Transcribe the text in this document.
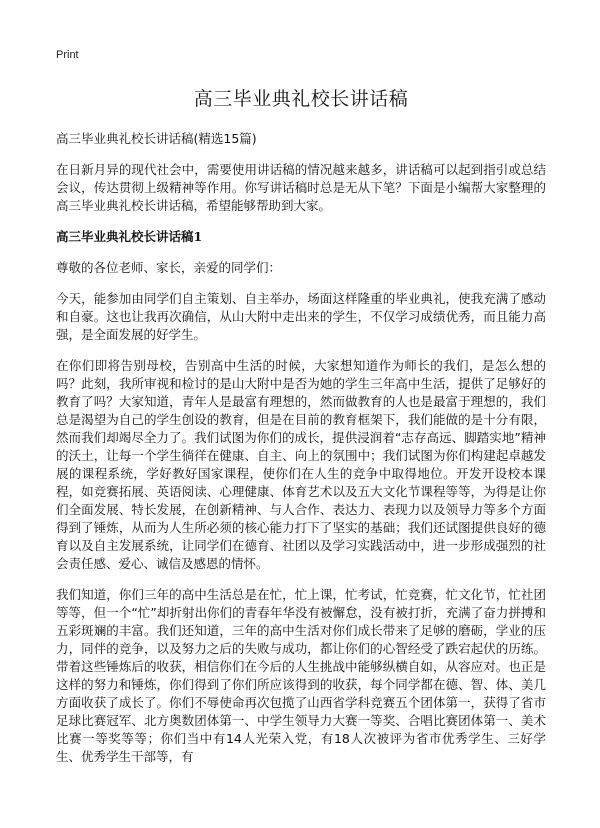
Print
高三毕业典礼校长讲话稿

高三毕业典礼校长讲话稿(精选15篇)

在日新月异的现代社会中，需要使用讲话稿的情况越来越多，讲话稿可以起到指引或总结会议，传达贯彻上级精神等作用。你写讲话稿时总是无从下笔？下面是小编帮大家整理的高三毕业典礼校长讲话稿，希望能够帮助到大家。

高三毕业典礼校长讲话稿1

尊敬的各位老师、家长，亲爱的同学们：

今天，能参加由同学们自主策划、自主举办，场面这样隆重的毕业典礼，使我充满了感动和自豪。这也让我再次确信，从山大附中走出来的学生，不仅学习成绩优秀，而且能力高强，是全面发展的好学生。

在你们即将告别母校，告别高中生活的时候，大家想知道作为师长的我们，是怎么想的吗？此刻，我所审视和检讨的是山大附中是否为她的学生三年高中生活，提供了足够好的教育了吗？大家知道，青年人是最富有理想的，然而做教育的人也是最富于理想的，我们总是渴望为自己的学生创设的教育，但是在目前的教育框架下，我们能做的是十分有限，然而我们却竭尽全力了。我们试图为你们的成长，提供浸润着“志存高远、脚踏实地”精神的沃土，让每一个学生徜徉在健康、自主、向上的氛围中；我们试图为你们构建起卓越发展的课程系统，学好教好国家课程，使你们在人生的竞争中取得地位。开发开设校本课程，如竞赛拓展、英语阅读、心理健康、体育艺术以及五大文化节课程等等，为得是让你们全面发展、特长发展，在创新精神、与人合作、表达力、表现力以及领导力等多个方面得到了锤炼，从而为人生所必须的核心能力打下了坚实的基础；我们还试图提供良好的德育以及自主发展系统，让同学们在德育、社团以及学习实践活动中，进一步形成强烈的社会责任感、爱心、诚信及感恩的情怀。

我们知道，你们三年的高中生活总是在忙，忙上课，忙考试，忙竞赛，忙文化节，忙社团等等，但一个“忙”却折射出你们的青春年华没有被懈怠，没有被打折，充满了奋力拼搏和五彩斑斓的丰富。我们还知道，三年的高中生活对你们成长带来了足够的磨砺，学业的压力，同伴的竞争，以及努力之后的失败与成功，都让你们的心智经受了跌宕起伏的历练。带着这些锤炼后的收获，相信你们在今后的人生挑战中能够纵横自如，从容应对。也正是这样的努力和锤炼，你们得到了你们所应该得到的收获，每个同学都在德、智、体、美几方面收获了成长了。你们不辱使命再次包揽了山西省学科竞赛五个团体第一，获得了省市足球比赛冠军、北方奥数团体第一、中学生领导力大赛一等奖、合唱比赛团体第一、美术比赛一等奖等等；你们当中有14人光荣入党，有18人次被评为省市优秀学生、三好学生、优秀学生干部等，有
